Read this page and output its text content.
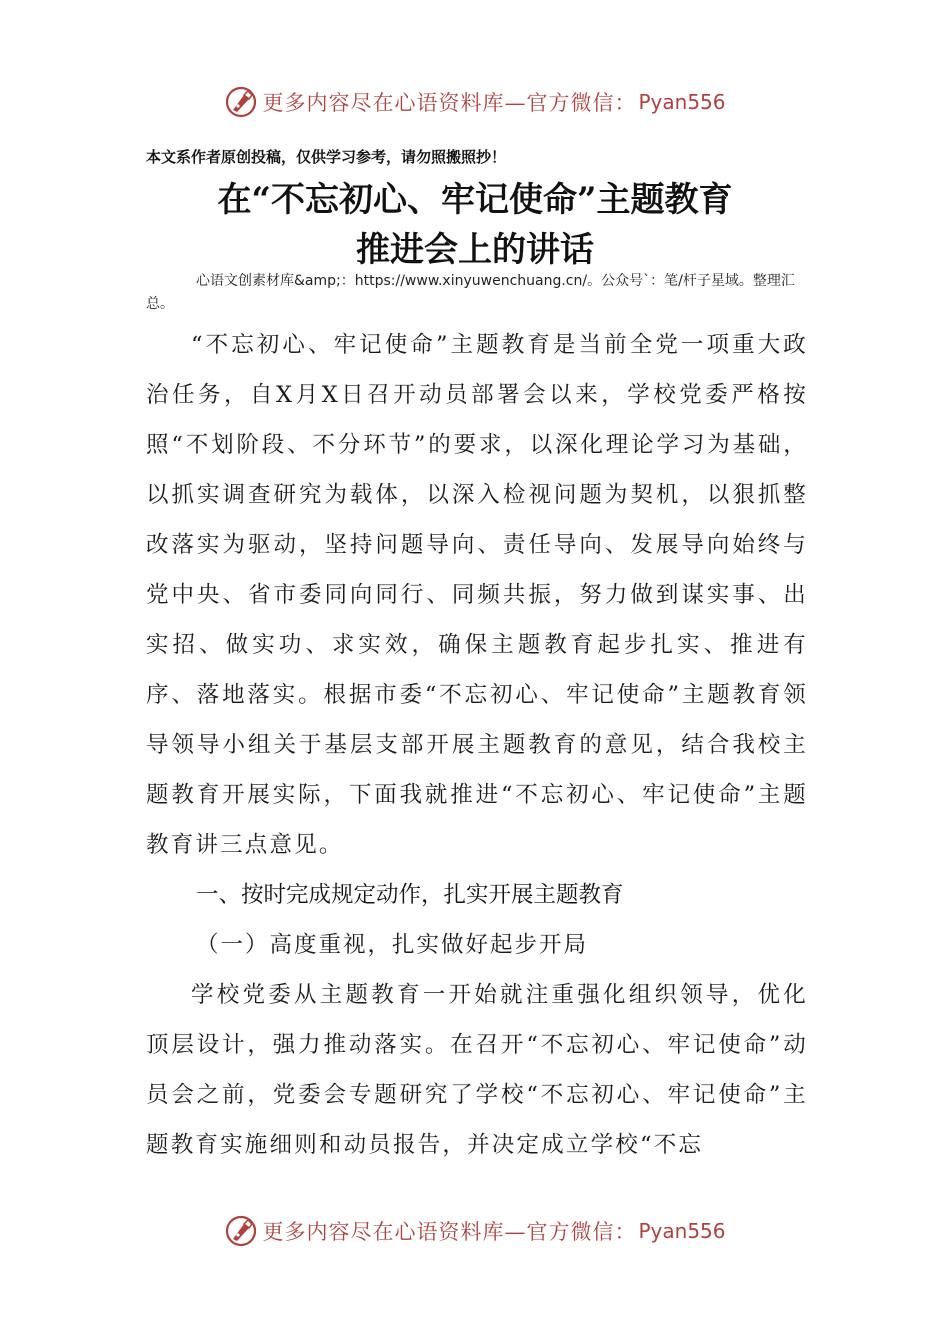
更多内容尽在心语资料库—官方微信： Pyan556
本文系作者原创投稿，仅供学习参考，请勿照搬照抄！
在“不忘初心、牢记使命”主题教育
推进会上的讲话
心语文创素材库&amp;：https://www.xinyuwenchuang.cn/。公众号`：笔/杆子星域。整理汇总。

“不忘初心、牢记使命”主题教育是当前全党一项重大政治任务，自X月X日召开动员部署会以来，学校党委严格按照“不划阶段、不分环节”的要求，以深化理论学习为基础，以抓实调查研究为载体，以深入检视问题为契机，以狠抓整改落实为驱动，坚持问题导向、责任导向、发展导向始终与党中央、省市委同向同行、同频共振，努力做到谋实事、出实招、做实功、求实效，确保主题教育起步扎实、推进有序、落地落实。根据市委“不忘初心、牢记使命”主题教育领导领导小组关于基层支部开展主题教育的意见，结合我校主题教育开展实际，下面我就推进“不忘初心、牢记使命”主题教育讲三点意见。

一、按时完成规定动作，扎实开展主题教育

（一）高度重视，扎实做好起步开局

学校党委从主题教育一开始就注重强化组织领导，优化顶层设计，强力推动落实。在召开“不忘初心、牢记使命”动员会之前，党委会专题研究了学校“不忘初心、牢记使命”主题教育实施细则和动员报告，并决定成立学校“不忘

更多内容尽在心语资料库—官方微信： Pyan556
